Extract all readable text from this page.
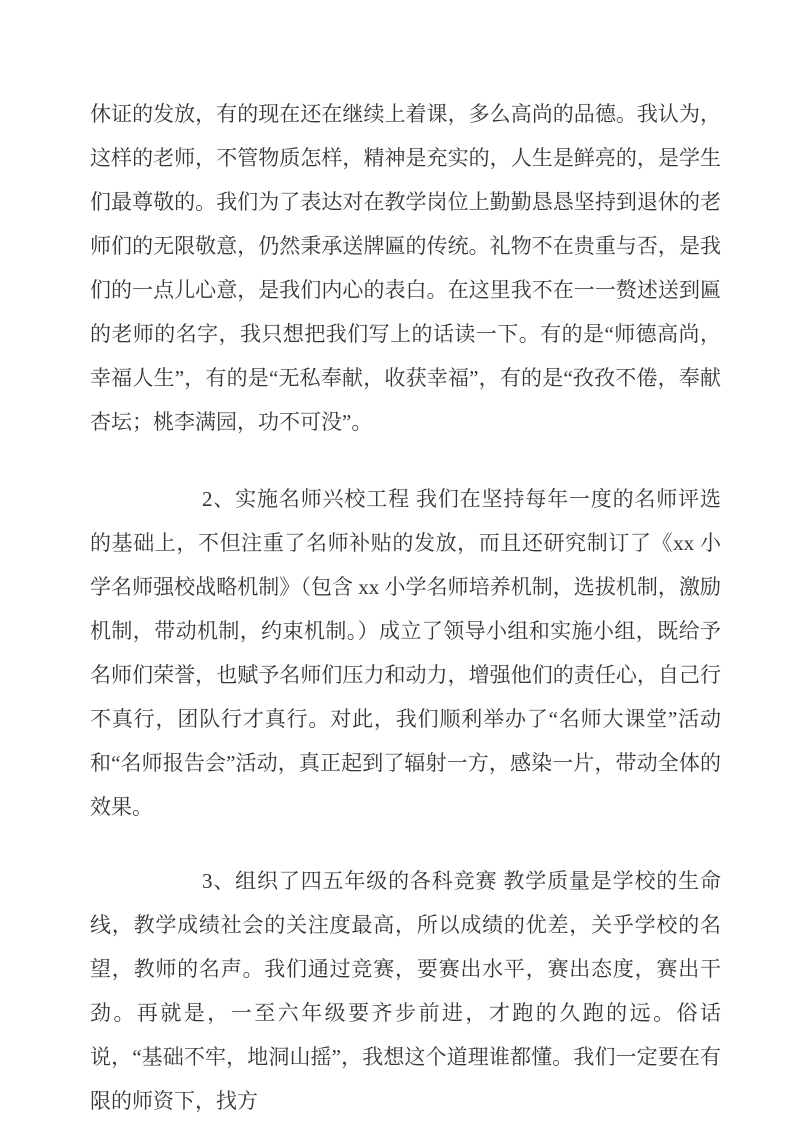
休证的发放，有的现在还在继续上着课，多么高尚的品德。我认为，这样的老师，不管物质怎样，精神是充实的，人生是鲜亮的，是学生们最尊敬的。我们为了表达对在教学岗位上勤勤恳恳坚持到退休的老师们的无限敬意，仍然秉承送牌匾的传统。礼物不在贵重与否，是我们的一点儿心意，是我们内心的表白。在这里我不在一一赘述送到匾的老师的名字，我只想把我们写上的话读一下。有的是“师德高尚，幸福人生”，有的是“无私奉献，收获幸福”，有的是“孜孜不倦，奉献杏坛；桃李满园，功不可没”。

2、实施名师兴校工程 我们在坚持每年一度的名师评选的基础上，不但注重了名师补贴的发放，而且还研究制订了《xx 小学名师强校战略机制》（包含 xx 小学名师培养机制，选拔机制，激励机制，带动机制，约束机制。）成立了领导小组和实施小组，既给予名师们荣誉，也赋予名师们压力和动力，增强他们的责任心，自己行不真行，团队行才真行。对此，我们顺利举办了“名师大课堂”活动和“名师报告会”活动，真正起到了辐射一方，感染一片，带动全体的效果。

3、组织了四五年级的各科竞赛 教学质量是学校的生命线，教学成绩社会的关注度最高，所以成绩的优差，关乎学校的名望，教师的名声。我们通过竞赛，要赛出水平，赛出态度，赛出干劲。再就是，一至六年级要齐步前进，才跑的久跑的远。俗话说，“基础不牢，地洞山摇”，我想这个道理谁都懂。我们一定要在有限的师资下，找方
